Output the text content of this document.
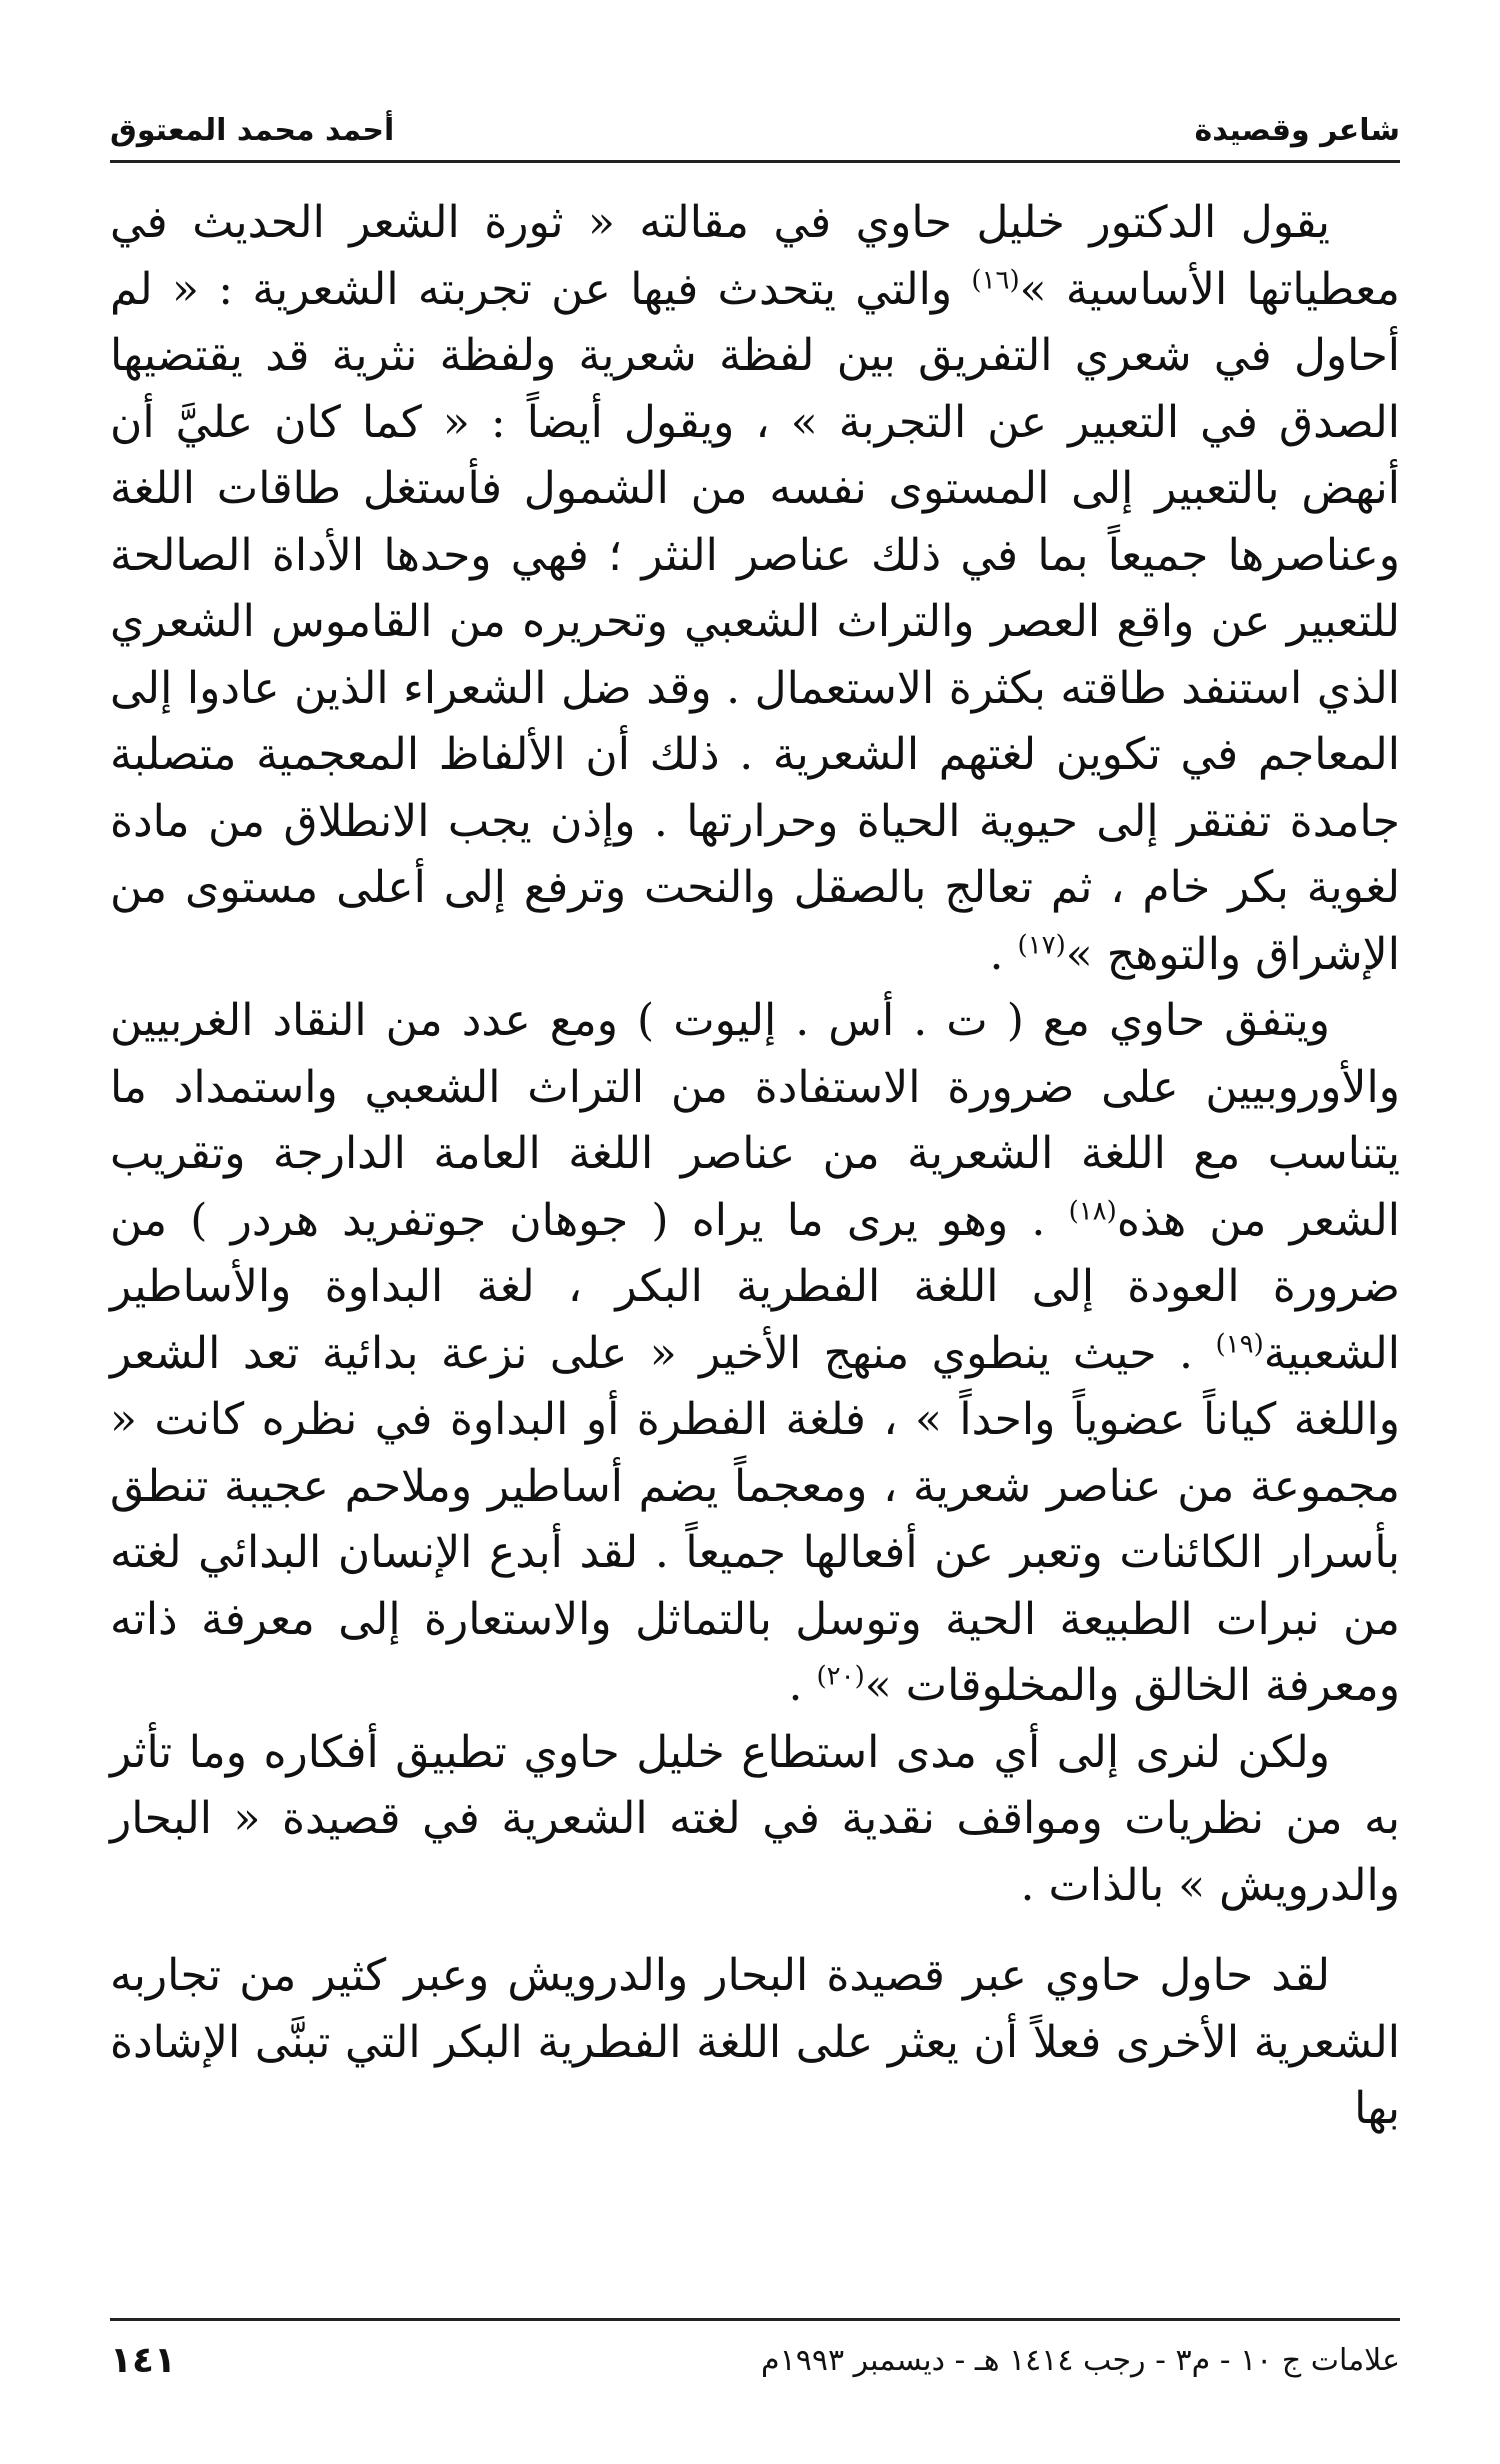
شاعر وقصيدة
أحمد محمد المعتوق

يقول الدكتور خليل حاوي في مقالته « ثورة الشعر الحديث في معطياتها الأساسية »$^{(١٦)}$ والتي يتحدث فيها عن تجربته الشعرية : « لم أحاول في شعري التفريق بين لفظة شعرية ولفظة نثرية قد يقتضيها الصدق في التعبير عن التجربة » ، ويقول أيضاً : « كما كان عليَّ أن أنهض بالتعبير إلى المستوى نفسه من الشمول فأستغل طاقات اللغة وعناصرها جميعاً بما في ذلك عناصر النثر ؛ فهي وحدها الأداة الصالحة للتعبير عن واقع العصر والتراث الشعبي وتحريره من القاموس الشعري الذي استنفد طاقته بكثرة الاستعمال . وقد ضل الشعراء الذين عادوا إلى المعاجم في تكوين لغتهم الشعرية . ذلك أن الألفاظ المعجمية متصلبة جامدة تفتقر إلى حيوية الحياة وحرارتها . وإذن يجب الانطلاق من مادة لغوية بكر خام ، ثم تعالج بالصقل والنحت وترفع إلى أعلى مستوى من الإشراق والتوهج »$^{(١٧)}$ .

ويتفق حاوي مع ( ت . أس . إليوت ) ومع عدد من النقاد الغربيين والأوروبيين على ضرورة الاستفادة من التراث الشعبي واستمداد ما يتناسب مع اللغة الشعرية من عناصر اللغة العامة الدارجة وتقريب الشعر من هذه$^{(١٨)}$ . وهو يرى ما يراه ( جوهان جوتفريد هردر ) من ضرورة العودة إلى اللغة الفطرية البكر ، لغة البداوة والأساطير الشعبية$^{(١٩)}$ . حيث ينطوي منهج الأخير « على نزعة بدائية تعد الشعر واللغة كياناً عضوياً واحداً » ، فلغة الفطرة أو البداوة في نظره كانت « مجموعة من عناصر شعرية ، ومعجماً يضم أساطير وملاحم عجيبة تنطق بأسرار الكائنات وتعبر عن أفعالها جميعاً . لقد أبدع الإنسان البدائي لغته من نبرات الطبيعة الحية وتوسل بالتماثل والاستعارة إلى معرفة ذاته ومعرفة الخالق والمخلوقات »$^{(٢٠)}$ .

ولكن لنرى إلى أي مدى استطاع خليل حاوي تطبيق أفكاره وما تأثر به من نظريات ومواقف نقدية في لغته الشعرية في قصيدة « البحار والدرويش » بالذات .

لقد حاول حاوي عبر قصيدة البحار والدرويش وعبر كثير من تجاربه الشعرية الأخرى فعلاً أن يعثر على اللغة الفطرية البكر التي تبنَّى الإشادة بها

علامات ج ١٠ - م٣ - رجب ١٤١٤ هـ - ديسمبر ١٩٩٣م
١٤١
